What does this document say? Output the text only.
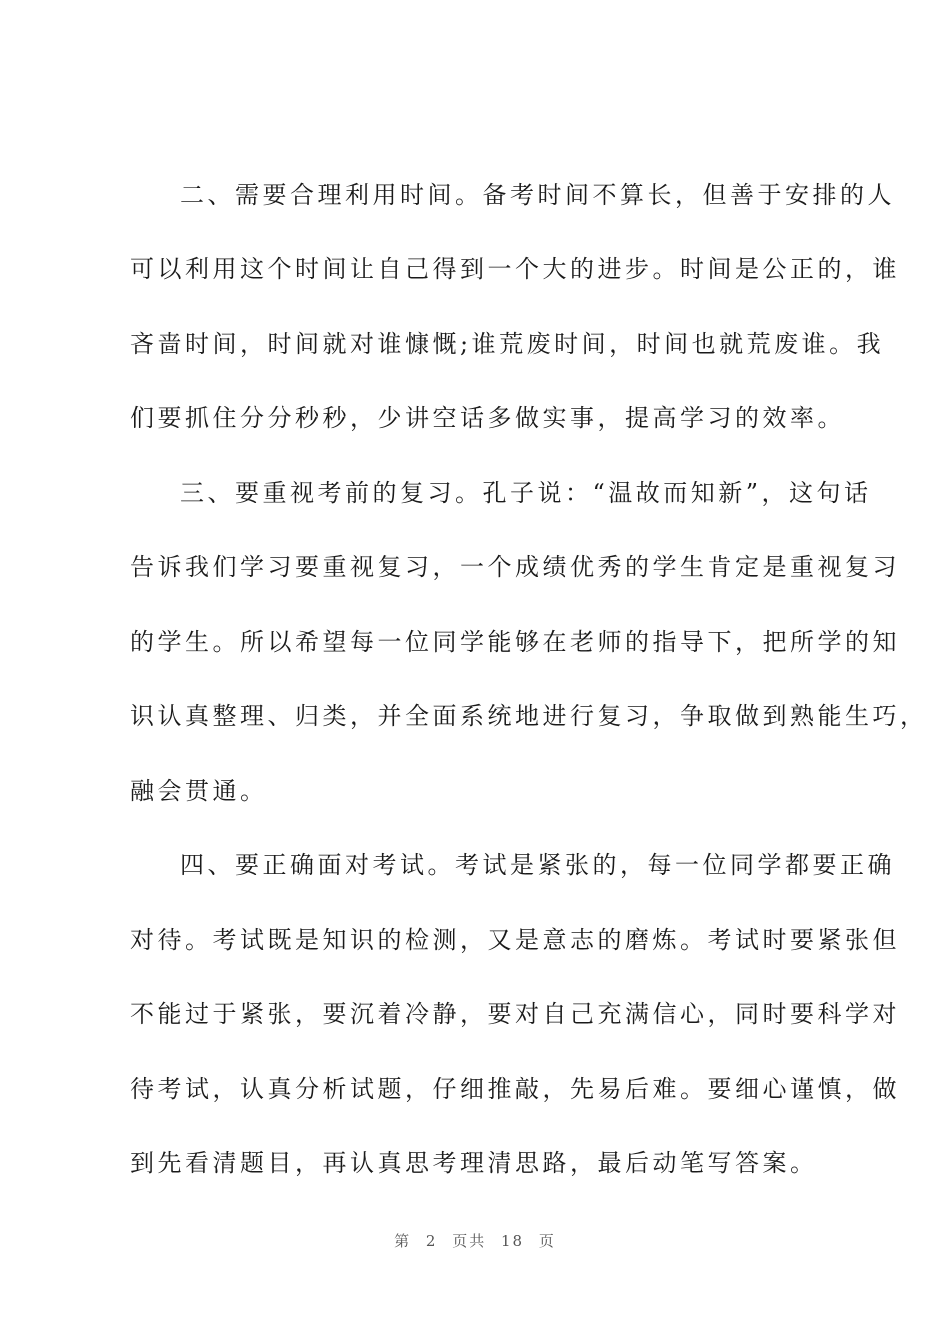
二、需要合理利用时间。备考时间不算长，但善于安排的人
可以利用这个时间让自己得到一个大的进步。时间是公正的，谁
吝啬时间，时间就对谁慷慨;谁荒废时间，时间也就荒废谁。我
们要抓住分分秒秒，少讲空话多做实事，提高学习的效率。
三、要重视考前的复习。孔子说：“温故而知新”，这句话
告诉我们学习要重视复习，一个成绩优秀的学生肯定是重视复习
的学生。所以希望每一位同学能够在老师的指导下，把所学的知
识认真整理、归类，并全面系统地进行复习，争取做到熟能生巧，
融会贯通。
四、要正确面对考试。考试是紧张的，每一位同学都要正确
对待。考试既是知识的检测，又是意志的磨炼。考试时要紧张但
不能过于紧张，要沉着冷静，要对自己充满信心，同时要科学对
待考试，认真分析试题，仔细推敲，先易后难。要细心谨慎，做
到先看清题目，再认真思考理清思路，最后动笔写答案。
第 2 页共 18 页
